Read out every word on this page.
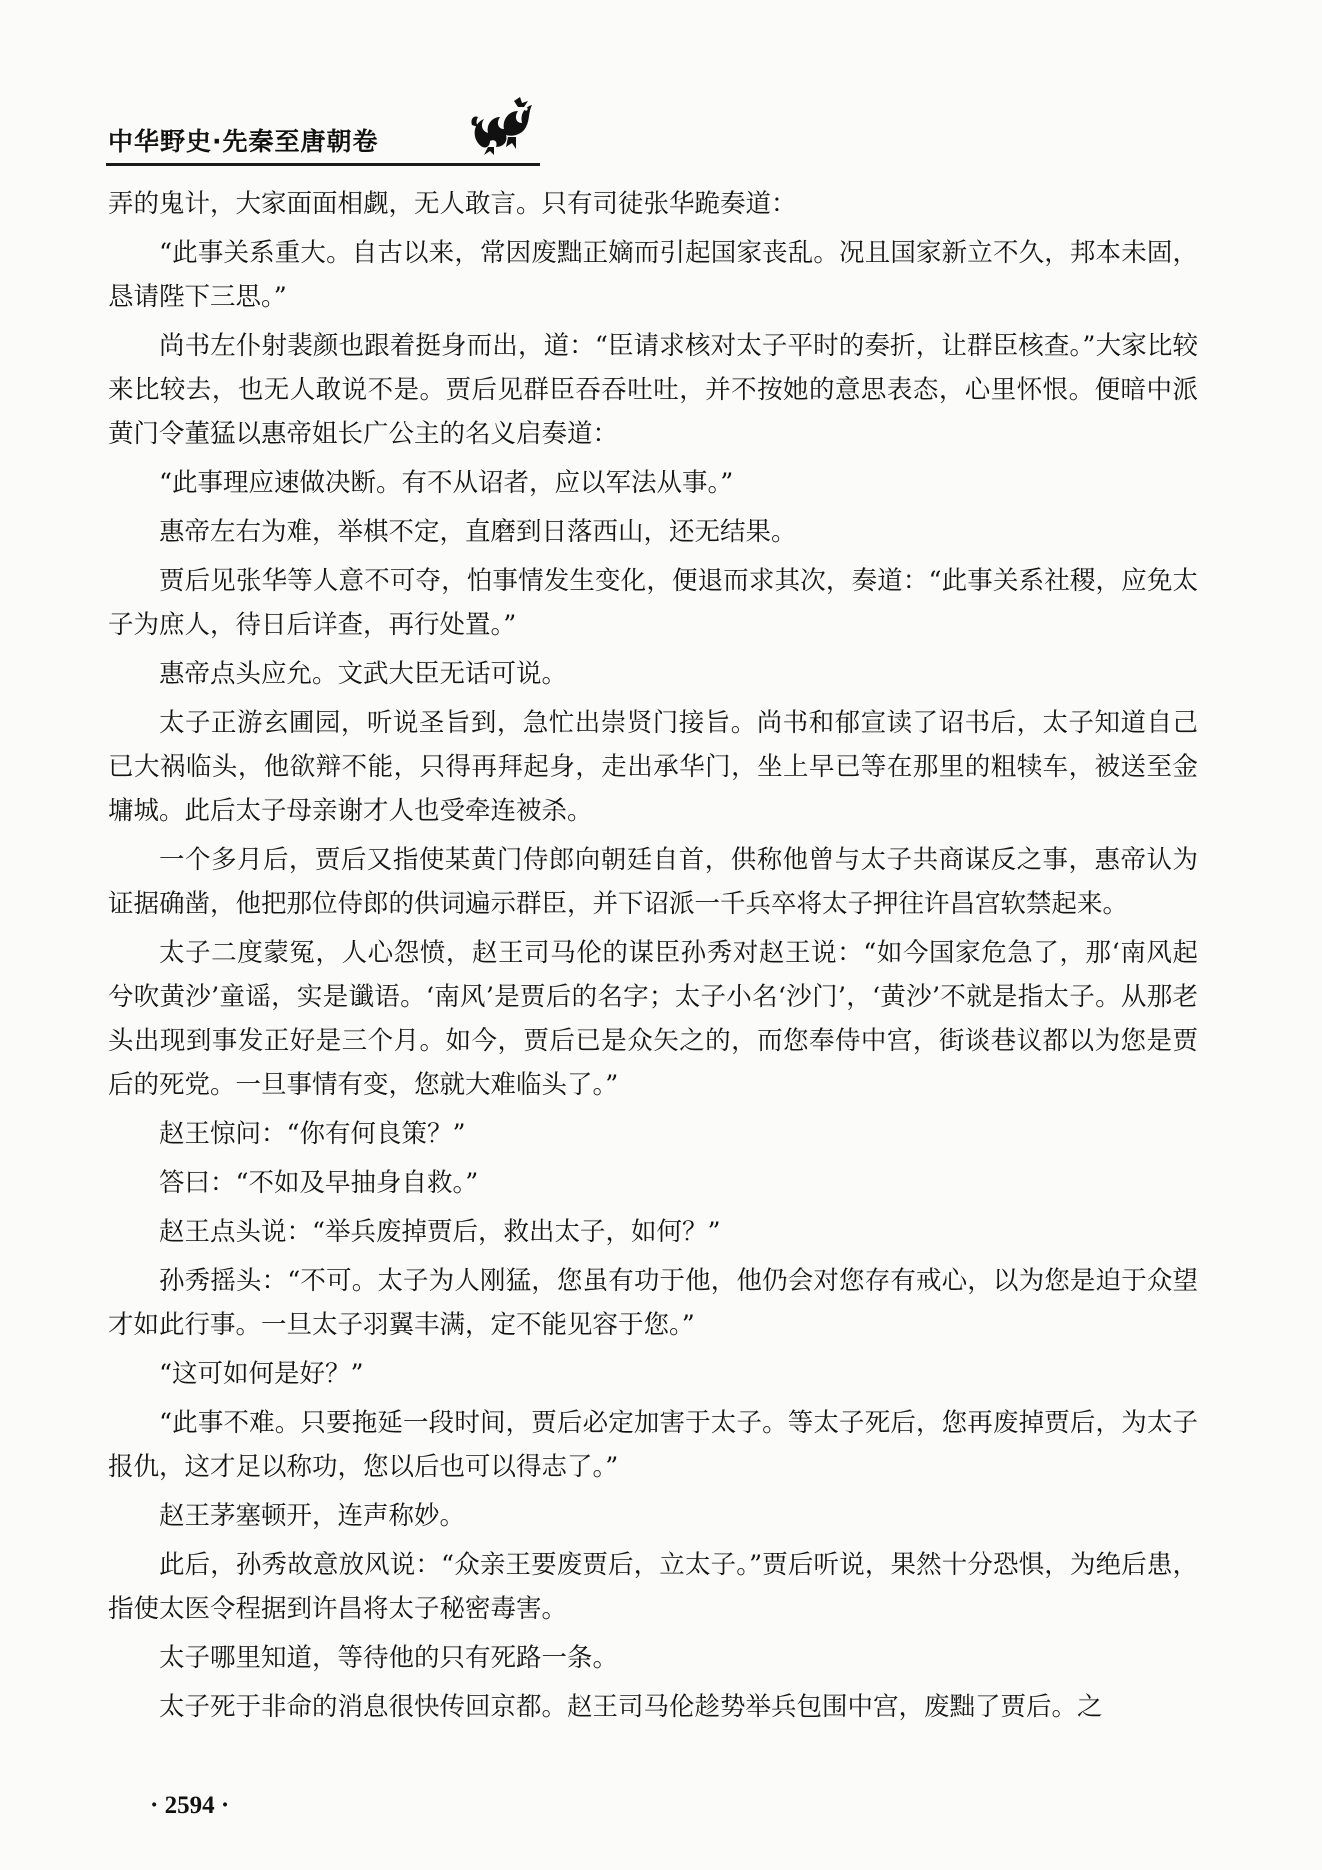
中华野史·先秦至唐朝卷

弄的鬼计，大家面面相觑，无人敢言。只有司徒张华跪奏道：

“此事关系重大。自古以来，常因废黜正嫡而引起国家丧乱。况且国家新立不久，邦本未固，恳请陛下三思。”

尚书左仆射裴颜也跟着挺身而出，道：“臣请求核对太子平时的奏折，让群臣核查。”大家比较来比较去，也无人敢说不是。贾后见群臣吞吞吐吐，并不按她的意思表态，心里怀恨。便暗中派黄门令董猛以惠帝姐长广公主的名义启奏道：

“此事理应速做决断。有不从诏者，应以军法从事。”

惠帝左右为难，举棋不定，直磨到日落西山，还无结果。

贾后见张华等人意不可夺，怕事情发生变化，便退而求其次，奏道：“此事关系社稷，应免太子为庶人，待日后详查，再行处置。”

惠帝点头应允。文武大臣无话可说。

太子正游玄圃园，听说圣旨到，急忙出崇贤门接旨。尚书和郁宣读了诏书后，太子知道自己已大祸临头，他欲辩不能，只得再拜起身，走出承华门，坐上早已等在那里的粗犊车，被送至金墉城。此后太子母亲谢才人也受牵连被杀。

一个多月后，贾后又指使某黄门侍郎向朝廷自首，供称他曾与太子共商谋反之事，惠帝认为证据确凿，他把那位侍郎的供词遍示群臣，并下诏派一千兵卒将太子押往许昌宫软禁起来。

太子二度蒙冤，人心怨愤，赵王司马伦的谋臣孙秀对赵王说：“如今国家危急了，那‘南风起兮吹黄沙’童谣，实是谶语。‘南风’是贾后的名字；太子小名‘沙门’，‘黄沙’不就是指太子。从那老头出现到事发正好是三个月。如今，贾后已是众矢之的，而您奉侍中宫，街谈巷议都以为您是贾后的死党。一旦事情有变，您就大难临头了。”

赵王惊问：“你有何良策？”

答曰：“不如及早抽身自救。”

赵王点头说：“举兵废掉贾后，救出太子，如何？”

孙秀摇头：“不可。太子为人刚猛，您虽有功于他，他仍会对您存有戒心，以为您是迫于众望才如此行事。一旦太子羽翼丰满，定不能见容于您。”

“这可如何是好？”

“此事不难。只要拖延一段时间，贾后必定加害于太子。等太子死后，您再废掉贾后，为太子报仇，这才足以称功，您以后也可以得志了。”

赵王茅塞顿开，连声称妙。

此后，孙秀故意放风说：“众亲王要废贾后，立太子。”贾后听说，果然十分恐惧，为绝后患，指使太医令程据到许昌将太子秘密毒害。

太子哪里知道，等待他的只有死路一条。

太子死于非命的消息很快传回京都。赵王司马伦趁势举兵包围中宫，废黜了贾后。之

· 2594 ·
